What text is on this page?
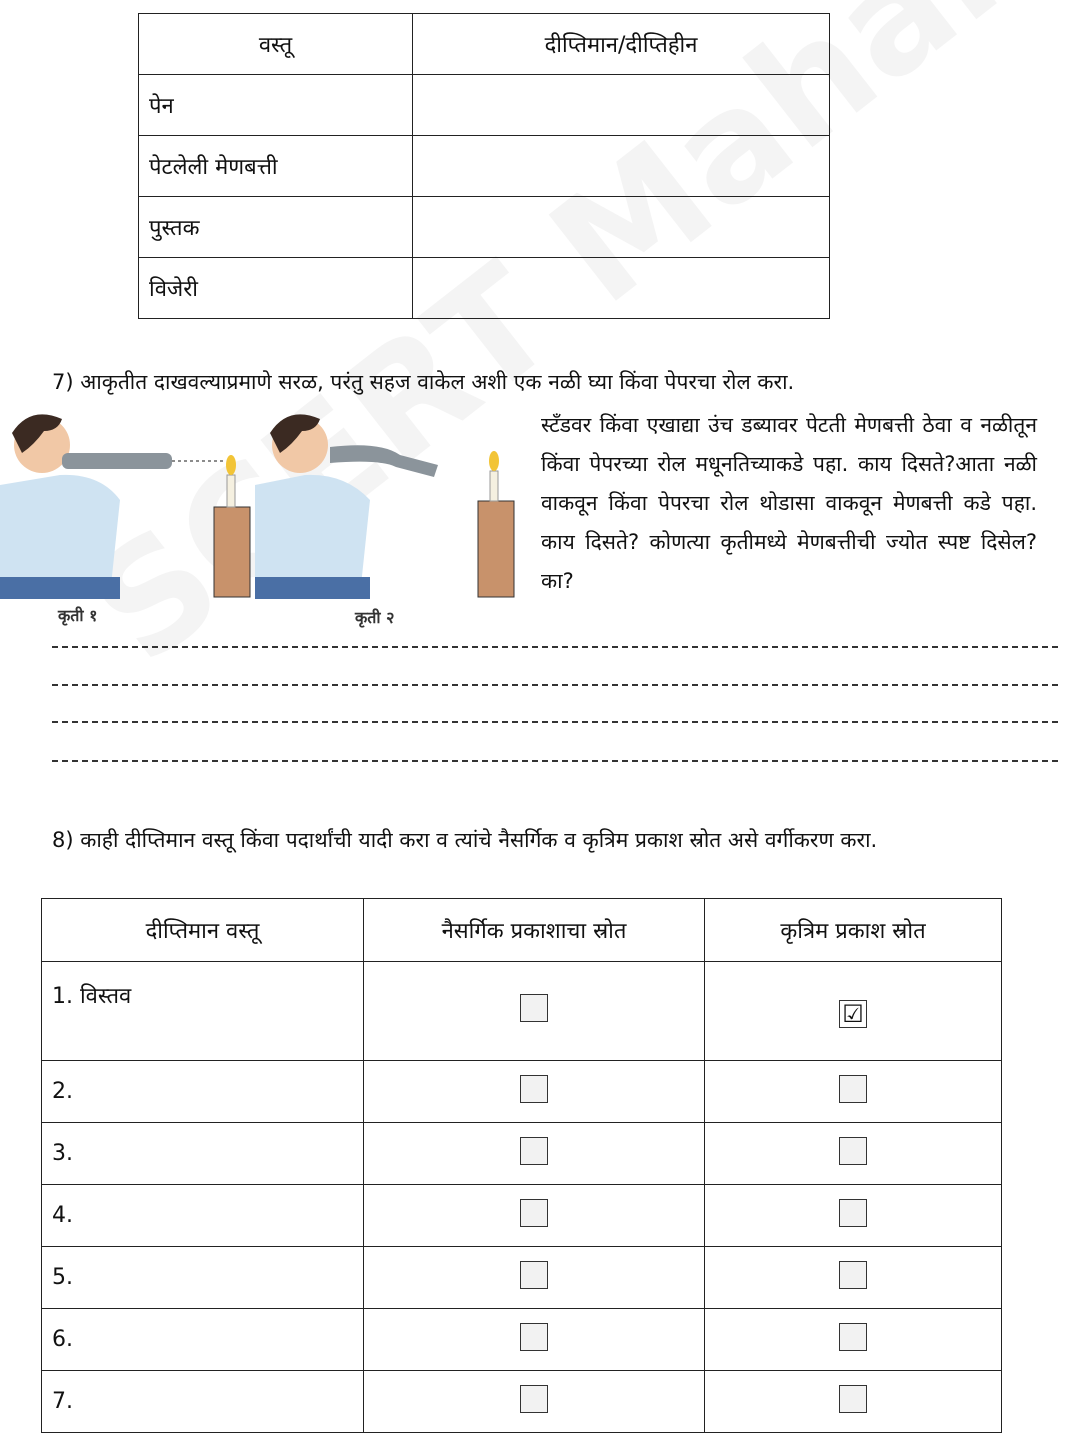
वस्तू	दीप्तिमान/दीप्तिहीन
पेन	
पेटलेली मेणबत्ती	
पुस्तक	
विजेरी	
7) आकृतीत दाखवल्याप्रमाणे सरळ, परंतु सहज वाकेल अशी एक नळी घ्या किंवा पेपरचा रोल करा.
कृती १	कृती २
स्टँडवर किंवा एखाद्या उंच डब्यावर पेटती मेणबत्ती ठेवा व नळीतून किंवा पेपरच्या रोल मधूनतिच्याकडे पहा. काय दिसते?आता नळी वाकवून किंवा पेपरचा रोल थोडासा वाकवून मेणबत्ती कडे पहा. काय दिसते? कोणत्या कृतीमध्ये मेणबत्तीची ज्योत स्पष्ट दिसेल? का?
8) काही दीप्तिमान वस्तू किंवा पदार्थांची यादी करा व त्यांचे नैसर्गिक व कृत्रिम प्रकाश स्रोत असे वर्गीकरण करा.
दीप्तिमान वस्तू	नैसर्गिक प्रकाशाचा स्रोत	कृत्रिम प्रकाश स्रोत
1. विस्तव		☑
2.		
3.		
4.		
5.		
6.		
7.		
